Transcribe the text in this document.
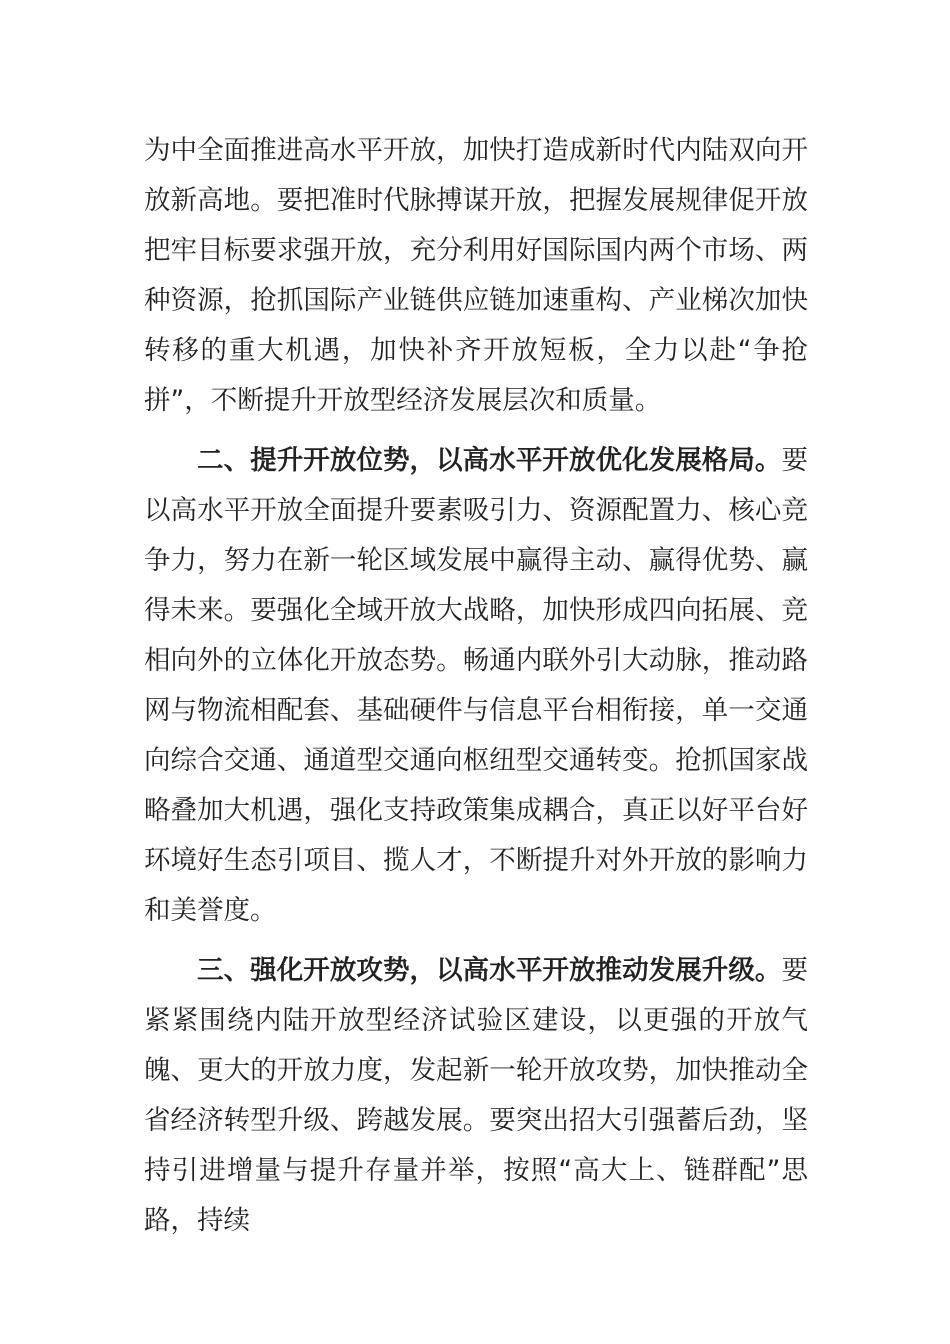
为中全面推进高水平开放，加快打造成新时代内陆双向开放新高地。要把准时代脉搏谋开放，把握发展规律促开放把牢目标要求强开放，充分利用好国际国内两个市场、两种资源，抢抓国际产业链供应链加速重构、产业梯次加快转移的重大机遇，加快补齐开放短板，全力以赴“争抢拼”，不断提升开放型经济发展层次和质量。

二、提升开放位势，以高水平开放优化发展格局。要以高水平开放全面提升要素吸引力、资源配置力、核心竞争力，努力在新一轮区域发展中赢得主动、赢得优势、赢得未来。要强化全域开放大战略，加快形成四向拓展、竞相向外的立体化开放态势。畅通内联外引大动脉，推动路网与物流相配套、基础硬件与信息平台相衔接，单一交通向综合交通、通道型交通向枢纽型交通转变。抢抓国家战略叠加大机遇，强化支持政策集成耦合，真正以好平台好环境好生态引项目、揽人才，不断提升对外开放的影响力和美誉度。

三、强化开放攻势，以高水平开放推动发展升级。要紧紧围绕内陆开放型经济试验区建设，以更强的开放气魄、更大的开放力度，发起新一轮开放攻势，加快推动全省经济转型升级、跨越发展。要突出招大引强蓄后劲，坚持引进增量与提升存量并举，按照“高大上、链群配”思路，持续
